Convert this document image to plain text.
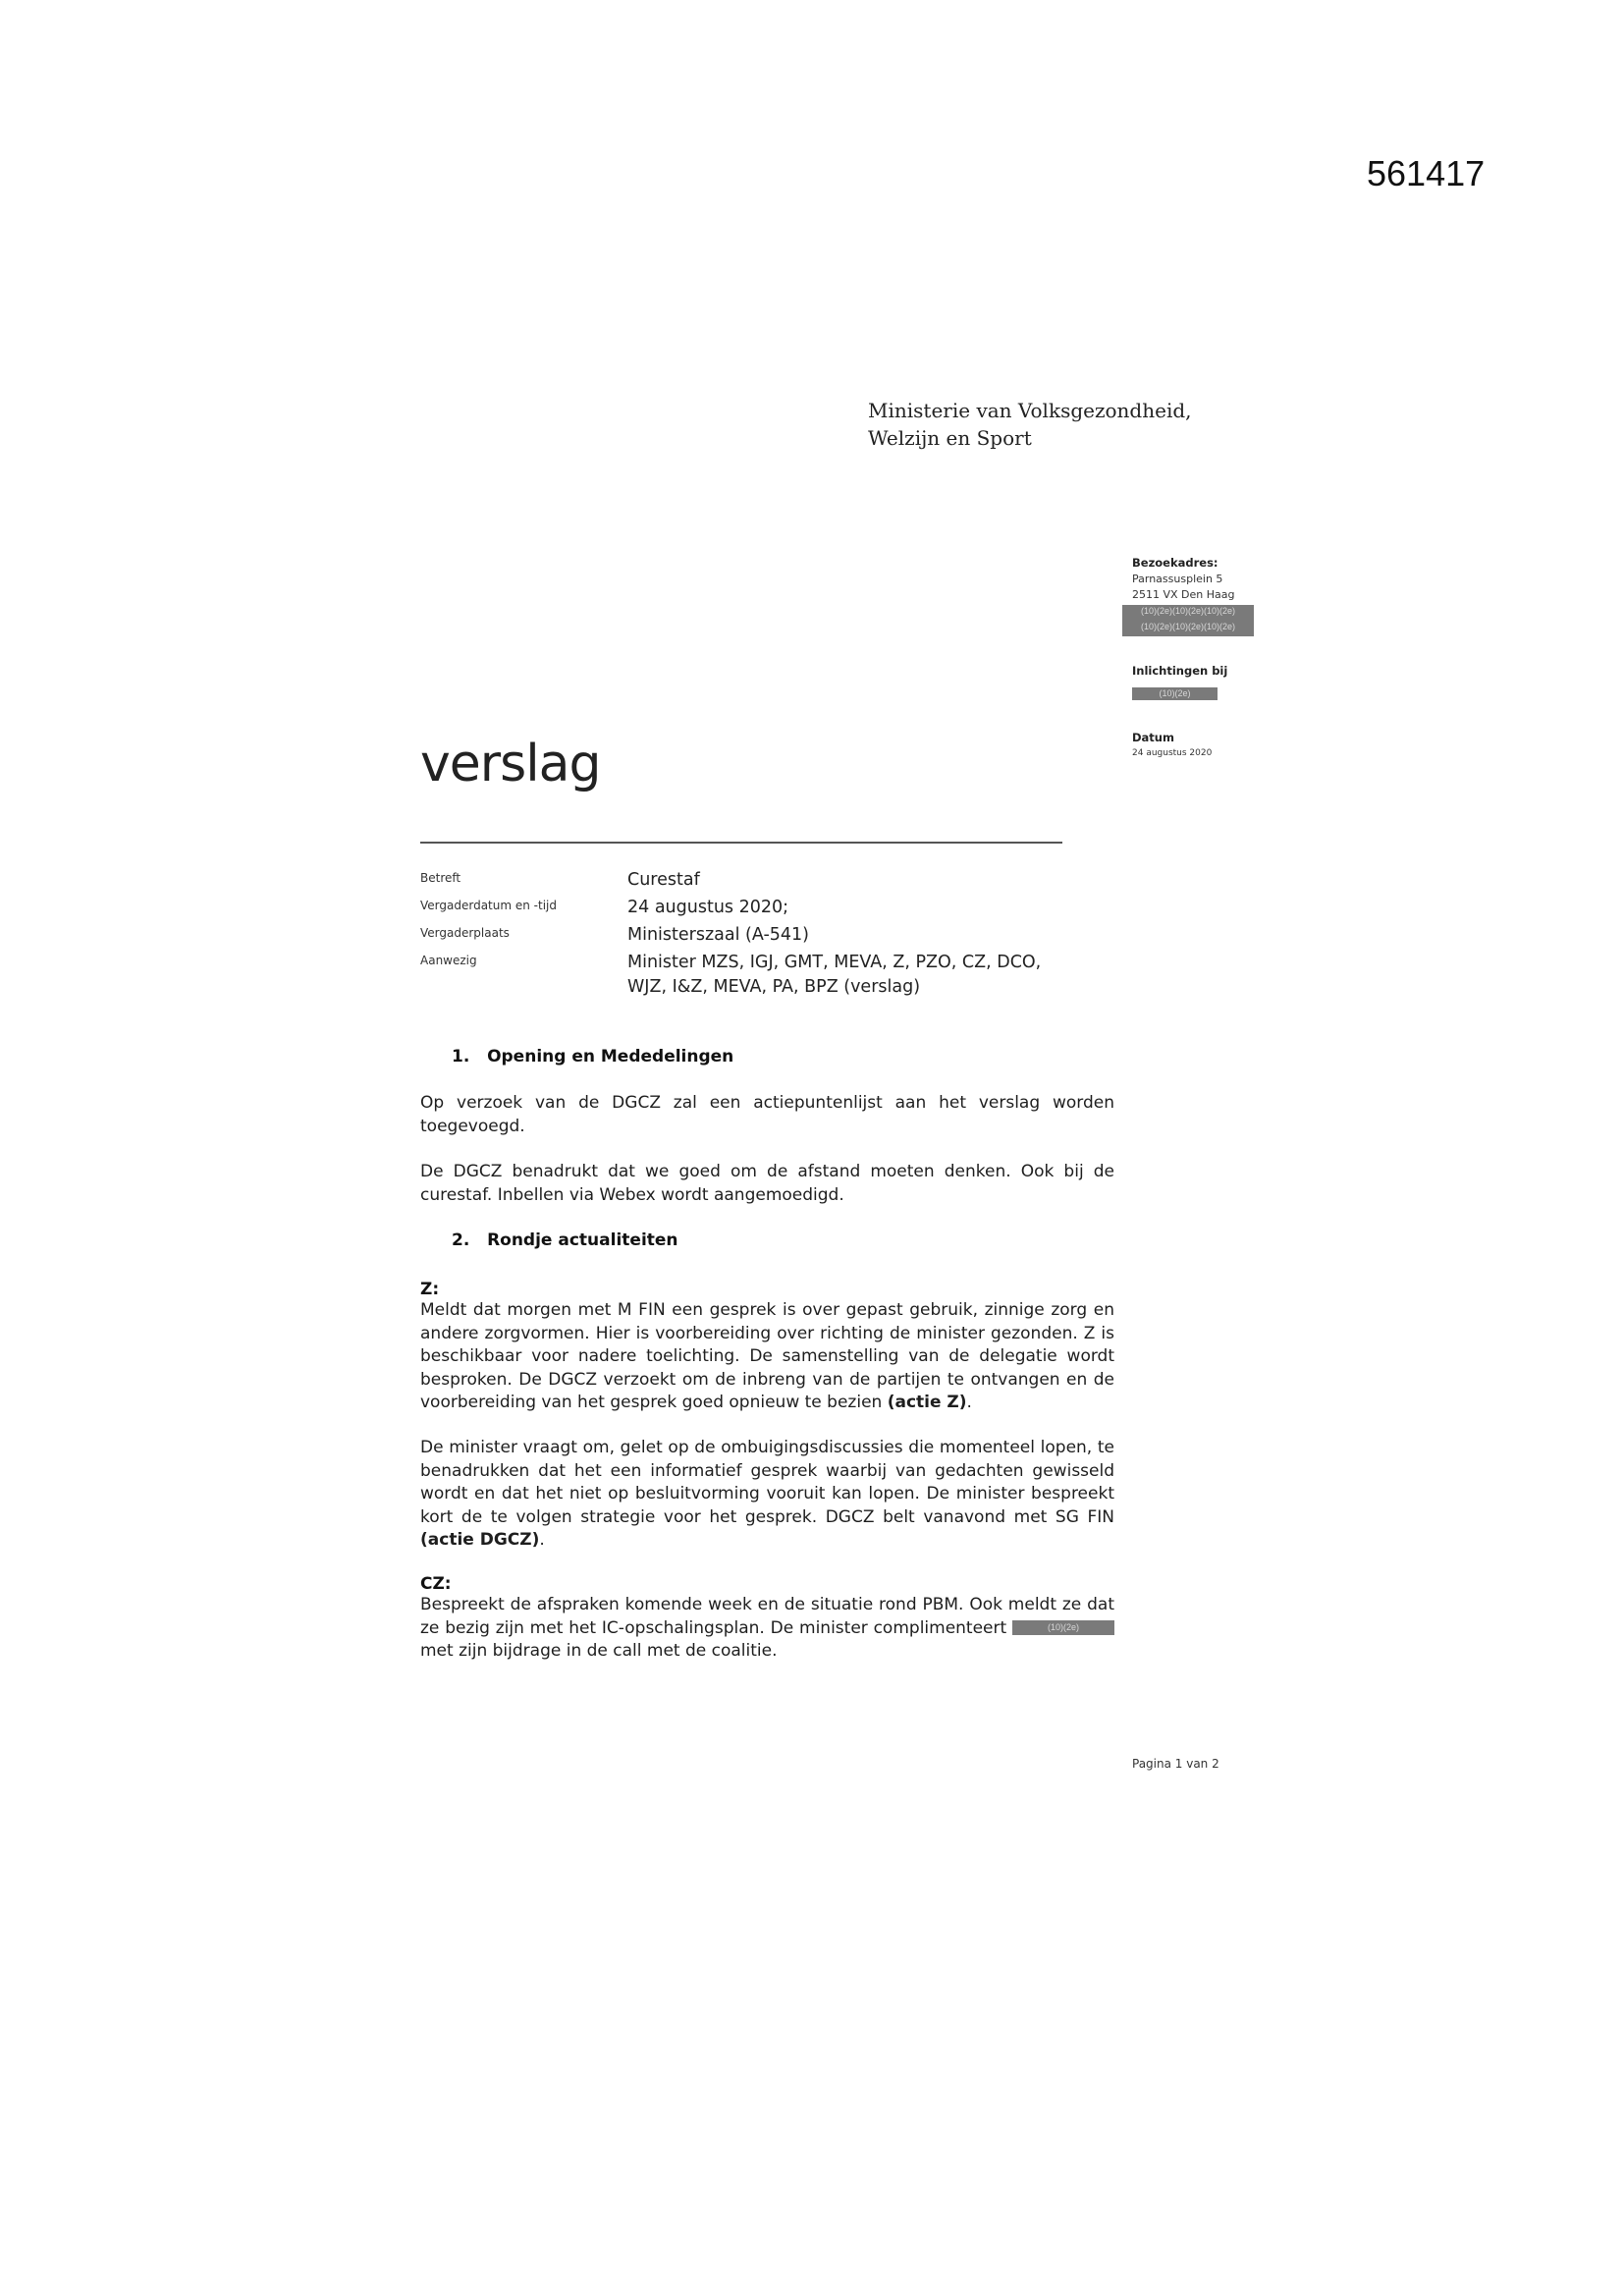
561417
Ministerie van Volksgezondheid,
Welzijn en Sport
Bezoekadres:
Parnassusplein 5
2511 VX Den Haag
(10)(2e)(10)(2e)(10)(2e)
(10)(2e)(10)(2e)(10)(2e)
Inlichtingen bij
(10)(2e)
Datum
24 augustus 2020
verslag
Betreft	Curestaf
Vergaderdatum en -tijd	24 augustus 2020;
Vergaderplaats	Ministerszaal (A-541)
Aanwezig	Minister MZS, IGJ, GMT, MEVA, Z, PZO, CZ, DCO,
WJZ, I&Z, MEVA, PA, BPZ (verslag)
1. Opening en Mededelingen
Op verzoek van de DGCZ zal een actiepuntenlijst aan het verslag worden toegevoegd.
De DGCZ benadrukt dat we goed om de afstand moeten denken. Ook bij de curestaf. Inbellen via Webex wordt aangemoedigd.
2. Rondje actualiteiten
Z:
Meldt dat morgen met M FIN een gesprek is over gepast gebruik, zinnige zorg en andere zorgvormen. Hier is voorbereiding over richting de minister gezonden. Z is beschikbaar voor nadere toelichting. De samenstelling van de delegatie wordt besproken. De DGCZ verzoekt om de inbreng van de partijen te ontvangen en de voorbereiding van het gesprek goed opnieuw te bezien (actie Z).
De minister vraagt om, gelet op de ombuigingsdiscussies die momenteel lopen, te benadrukken dat het een informatief gesprek waarbij van gedachten gewisseld wordt en dat het niet op besluitvorming vooruit kan lopen. De minister bespreekt kort de te volgen strategie voor het gesprek. DGCZ belt vanavond met SG FIN (actie DGCZ).
CZ:
Bespreekt de afspraken komende week en de situatie rond PBM. Ook meldt ze dat ze bezig zijn met het IC-opschalingsplan. De minister complimenteert	(10)(2e) met zijn bijdrage in de call met de coalitie.
Pagina 1 van 2
